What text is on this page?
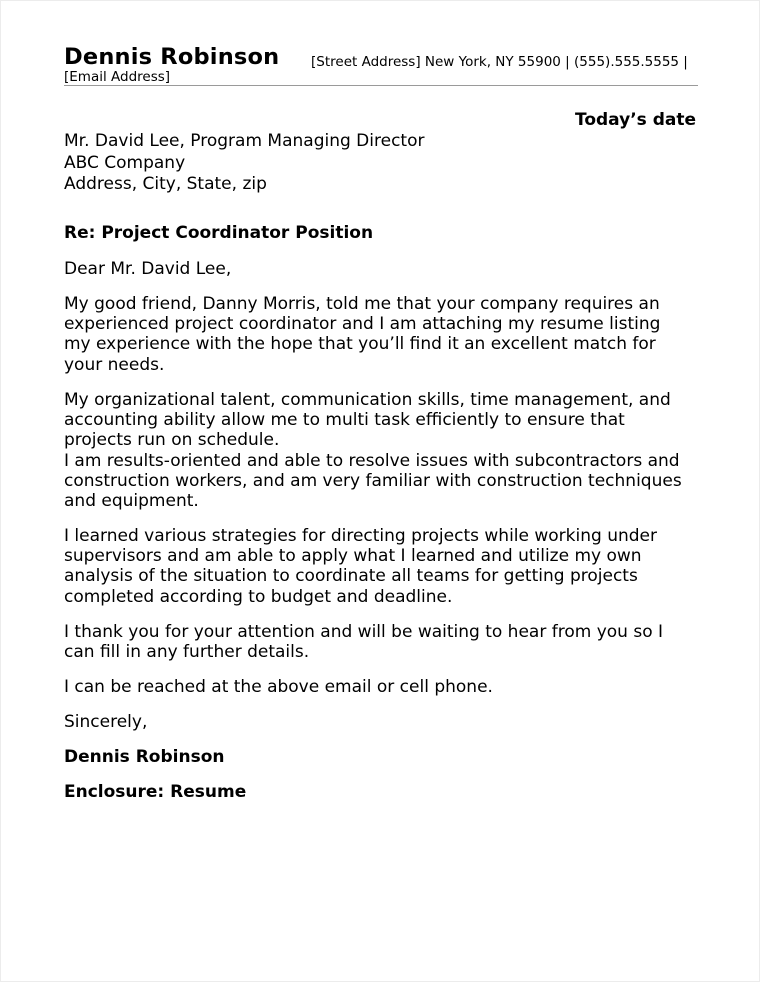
Dennis Robinson [Street Address] New York, NY 55900 | (555).555.5555 |
[Email Address]
Today’s date
Mr. David Lee, Program Managing Director
ABC Company
Address, City, State, zip
Re: Project Coordinator Position
Dear Mr. David Lee,
My good friend, Danny Morris, told me that your company requires an
experienced project coordinator and I am attaching my resume listing
my experience with the hope that you’ll find it an excellent match for
your needs.
My organizational talent, communication skills, time management, and
accounting ability allow me to multi task efficiently to ensure that
projects run on schedule.
I am results-oriented and able to resolve issues with subcontractors and
construction workers, and am very familiar with construction techniques
and equipment.
I learned various strategies for directing projects while working under
supervisors and am able to apply what I learned and utilize my own
analysis of the situation to coordinate all teams for getting projects
completed according to budget and deadline.
I thank you for your attention and will be waiting to hear from you so I
can fill in any further details.
I can be reached at the above email or cell phone.
Sincerely,
Dennis Robinson
Enclosure: Resume
